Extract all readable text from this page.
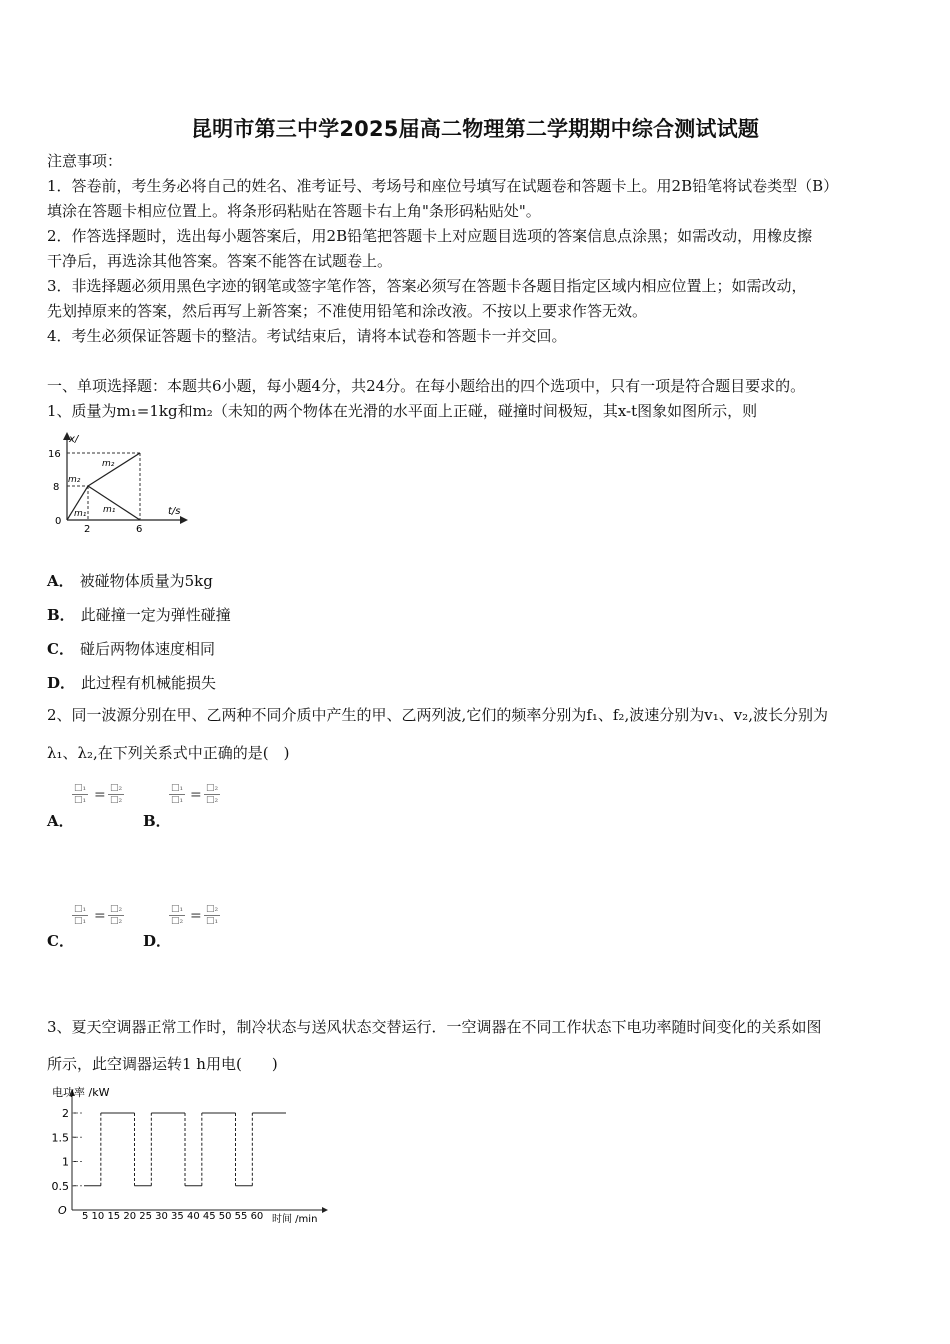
昆明市第三中学2025届高二物理第二学期期中综合测试试题
注意事项：
1．答卷前，考生务必将自己的姓名、准考证号、考场号和座位号填写在试题卷和答题卡上。用2B铅笔将试卷类型（B）
填涂在答题卡相应位置上。将条形码粘贴在答题卡右上角"条形码粘贴处"。
2．作答选择题时，选出每小题答案后，用2B铅笔把答题卡上对应题目选项的答案信息点涂黑；如需改动，用橡皮擦
干净后，再选涂其他答案。答案不能答在试题卷上。
3．非选择题必须用黑色字迹的钢笔或签字笔作答，答案必须写在答题卡各题目指定区域内相应位置上；如需改动，
先划掉原来的答案，然后再写上新答案；不准使用铅笔和涂改液。不按以上要求作答无效。
4．考生必须保证答题卡的整洁。考试结束后，请将本试卷和答题卡一并交回。
一、单项选择题：本题共6小题，每小题4分，共24分。在每小题给出的四个选项中，只有一项是符合题目要求的。
1、质量为m₁=1kg和m₂（未知的两个物体在光滑的水平面上正碰，碰撞时间极短，其x-t图象如图所示，则
x/
t/s
16
8
0
2	6
m₂
m₁
m₂
m₁
A． 被碰物体质量为5kg
B． 此碰撞一定为弹性碰撞
C． 碰后两物体速度相同
D． 此过程有机械能损失
2、同一波源分别在甲、乙两种不同介质中产生的甲、乙两列波,它们的频率分别为f₁、f₂,波速分别为v₁、v₂,波长分别为
λ₁、λ₂,在下列关系式中正确的是(　)
A．
□₁
□₁ = □₂
□₂
B．
□₁
□₁ = □₂
□₂
C．
□₁
□₁ = □₂
□₂
D．
□₁
□₂ = □₂
□₁
3、夏天空调器正常工作时，制冷状态与送风状态交替运行．一空调器在不同工作状态下电功率随时间变化的关系如图
所示，此空调器运转1 h用电(　　)
电功率 /kW
O 5 10 15 20 25 30 35 40 45 50 55 60 时间 /min
2
1.5
1
0.5
